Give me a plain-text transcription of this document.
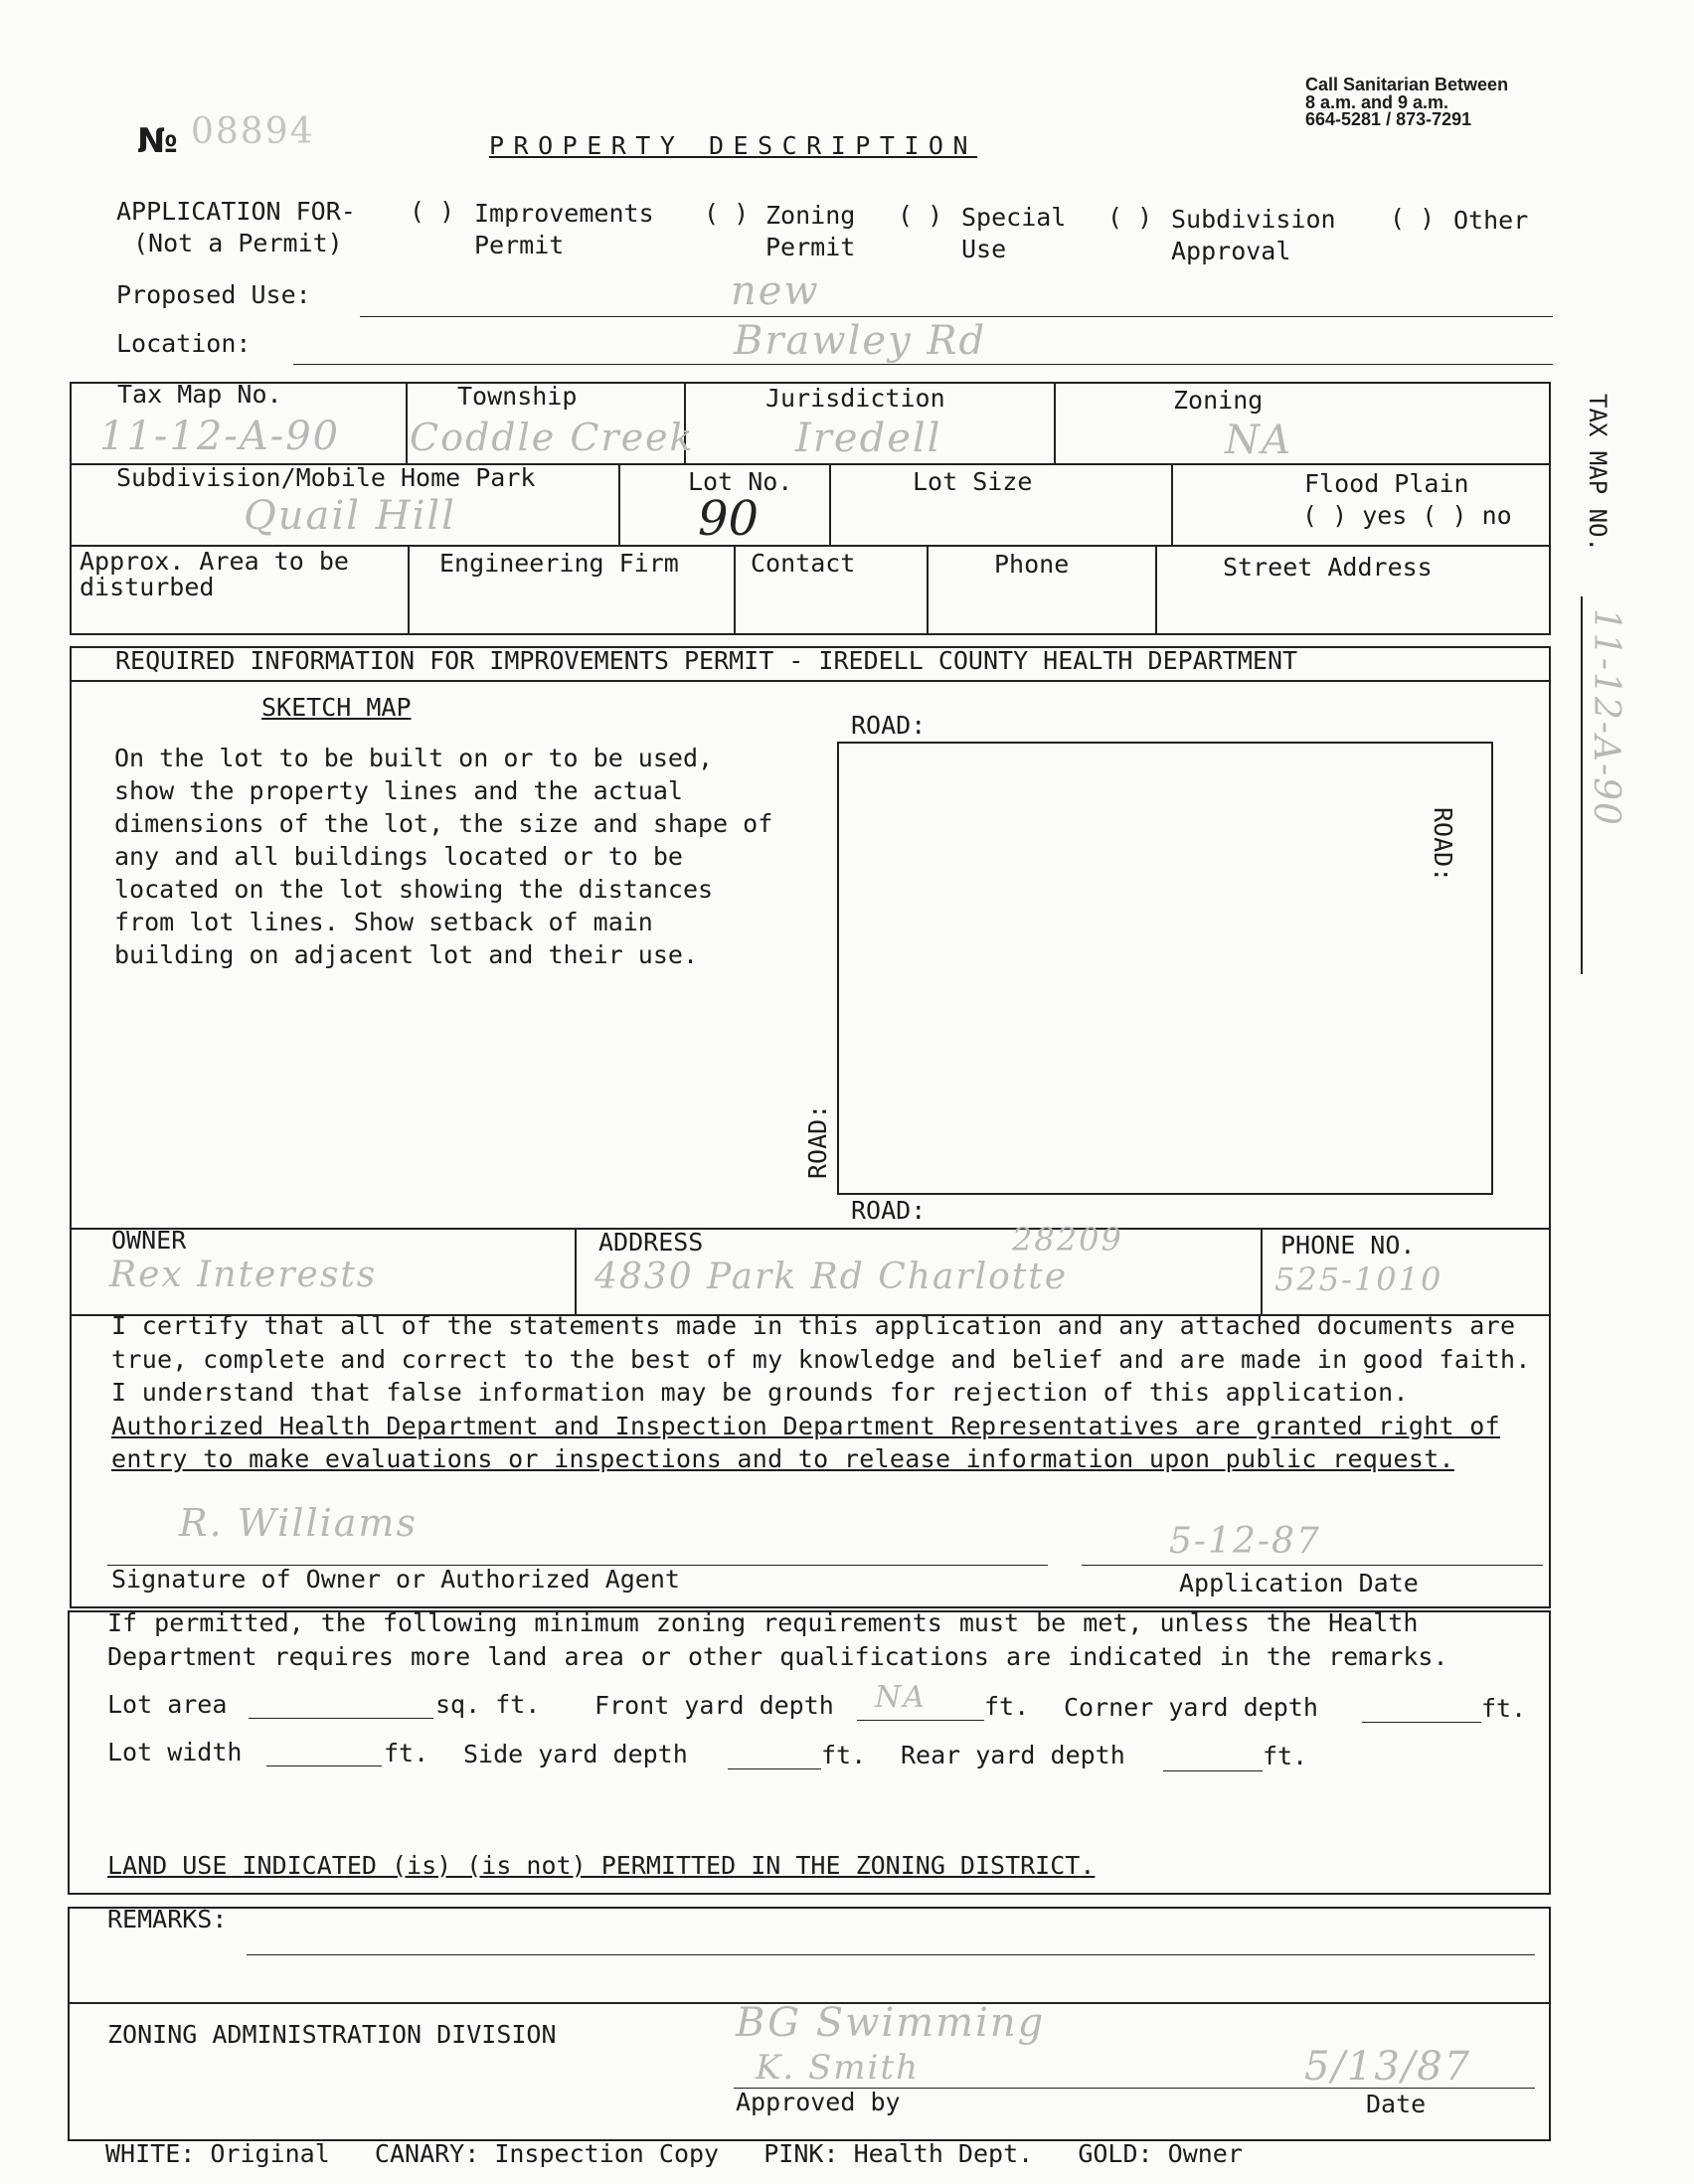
№ 08894	PROPERTY DESCRIPTION
Call Sanitarian Between
8 a.m. and 9 a.m.
664-5281 / 873-7291
APPLICATION FOR-
(Not a Permit)
( ) Improvements
Permit
( ) Zoning
Permit
( ) Special
Use
( ) Subdivision
Approval
( ) Other
Proposed Use:	new
Location:	Brawley Rd
Tax Map No.
11-12-A-90
Township
Coddle Creek
Jurisdiction
Iredell
Zoning
NA
Subdivision/Mobile Home Park
Quail Hill
Lot No.
90
Lot Size	Flood Plain
( ) yes ( ) no
Approx. Area to be
disturbed
Engineering Firm	Contact	Phone	Street Address
REQUIRED INFORMATION FOR IMPROVEMENTS PERMIT - IREDELL COUNTY HEALTH DEPARTMENT
SKETCH MAP
On the lot to be built on or to be used, show the property lines and the actual dimensions of the lot, the size and shape of any and all buildings located or to be located on the lot showing the distances from lot lines. Show setback of main building on adjacent lot and their use.
ROAD:
ROAD:
ROAD:
ROAD:
OWNER
Rex Interests
ADDRESS	28209
4830 Park Rd Charlotte
PHONE NO.
525-1010
I certify that all of the statements made in this application and any attached documents are true, complete and correct to the best of my knowledge and belief and are made in good faith. I understand that false information may be grounds for rejection of this application. Authorized Health Department and Inspection Department Representatives are granted right of entry to make evaluations or inspections and to release information upon public request.
R. Williams	5-12-87
Signature of Owner or Authorized Agent	Application Date
If permitted, the following minimum zoning requirements must be met, unless the Health Department requires more land area or other qualifications are indicated in the remarks.
Lot area	sq. ft. Front yard depth NA ft. Corner yard depth	ft.
Lot width	ft. Side yard depth	ft. Rear yard depth	ft.
LAND USE INDICATED (is) (is not) PERMITTED IN THE ZONING DISTRICT.
REMARKS:
ZONING ADMINISTRATION DIVISION	BG Swimming
K. Smith	5/13/87
Approved by	Date
WHITE: Original   CANARY: Inspection Copy   PINK: Health Dept.   GOLD: Owner
TAX MAP NO.
11-12-A-90
